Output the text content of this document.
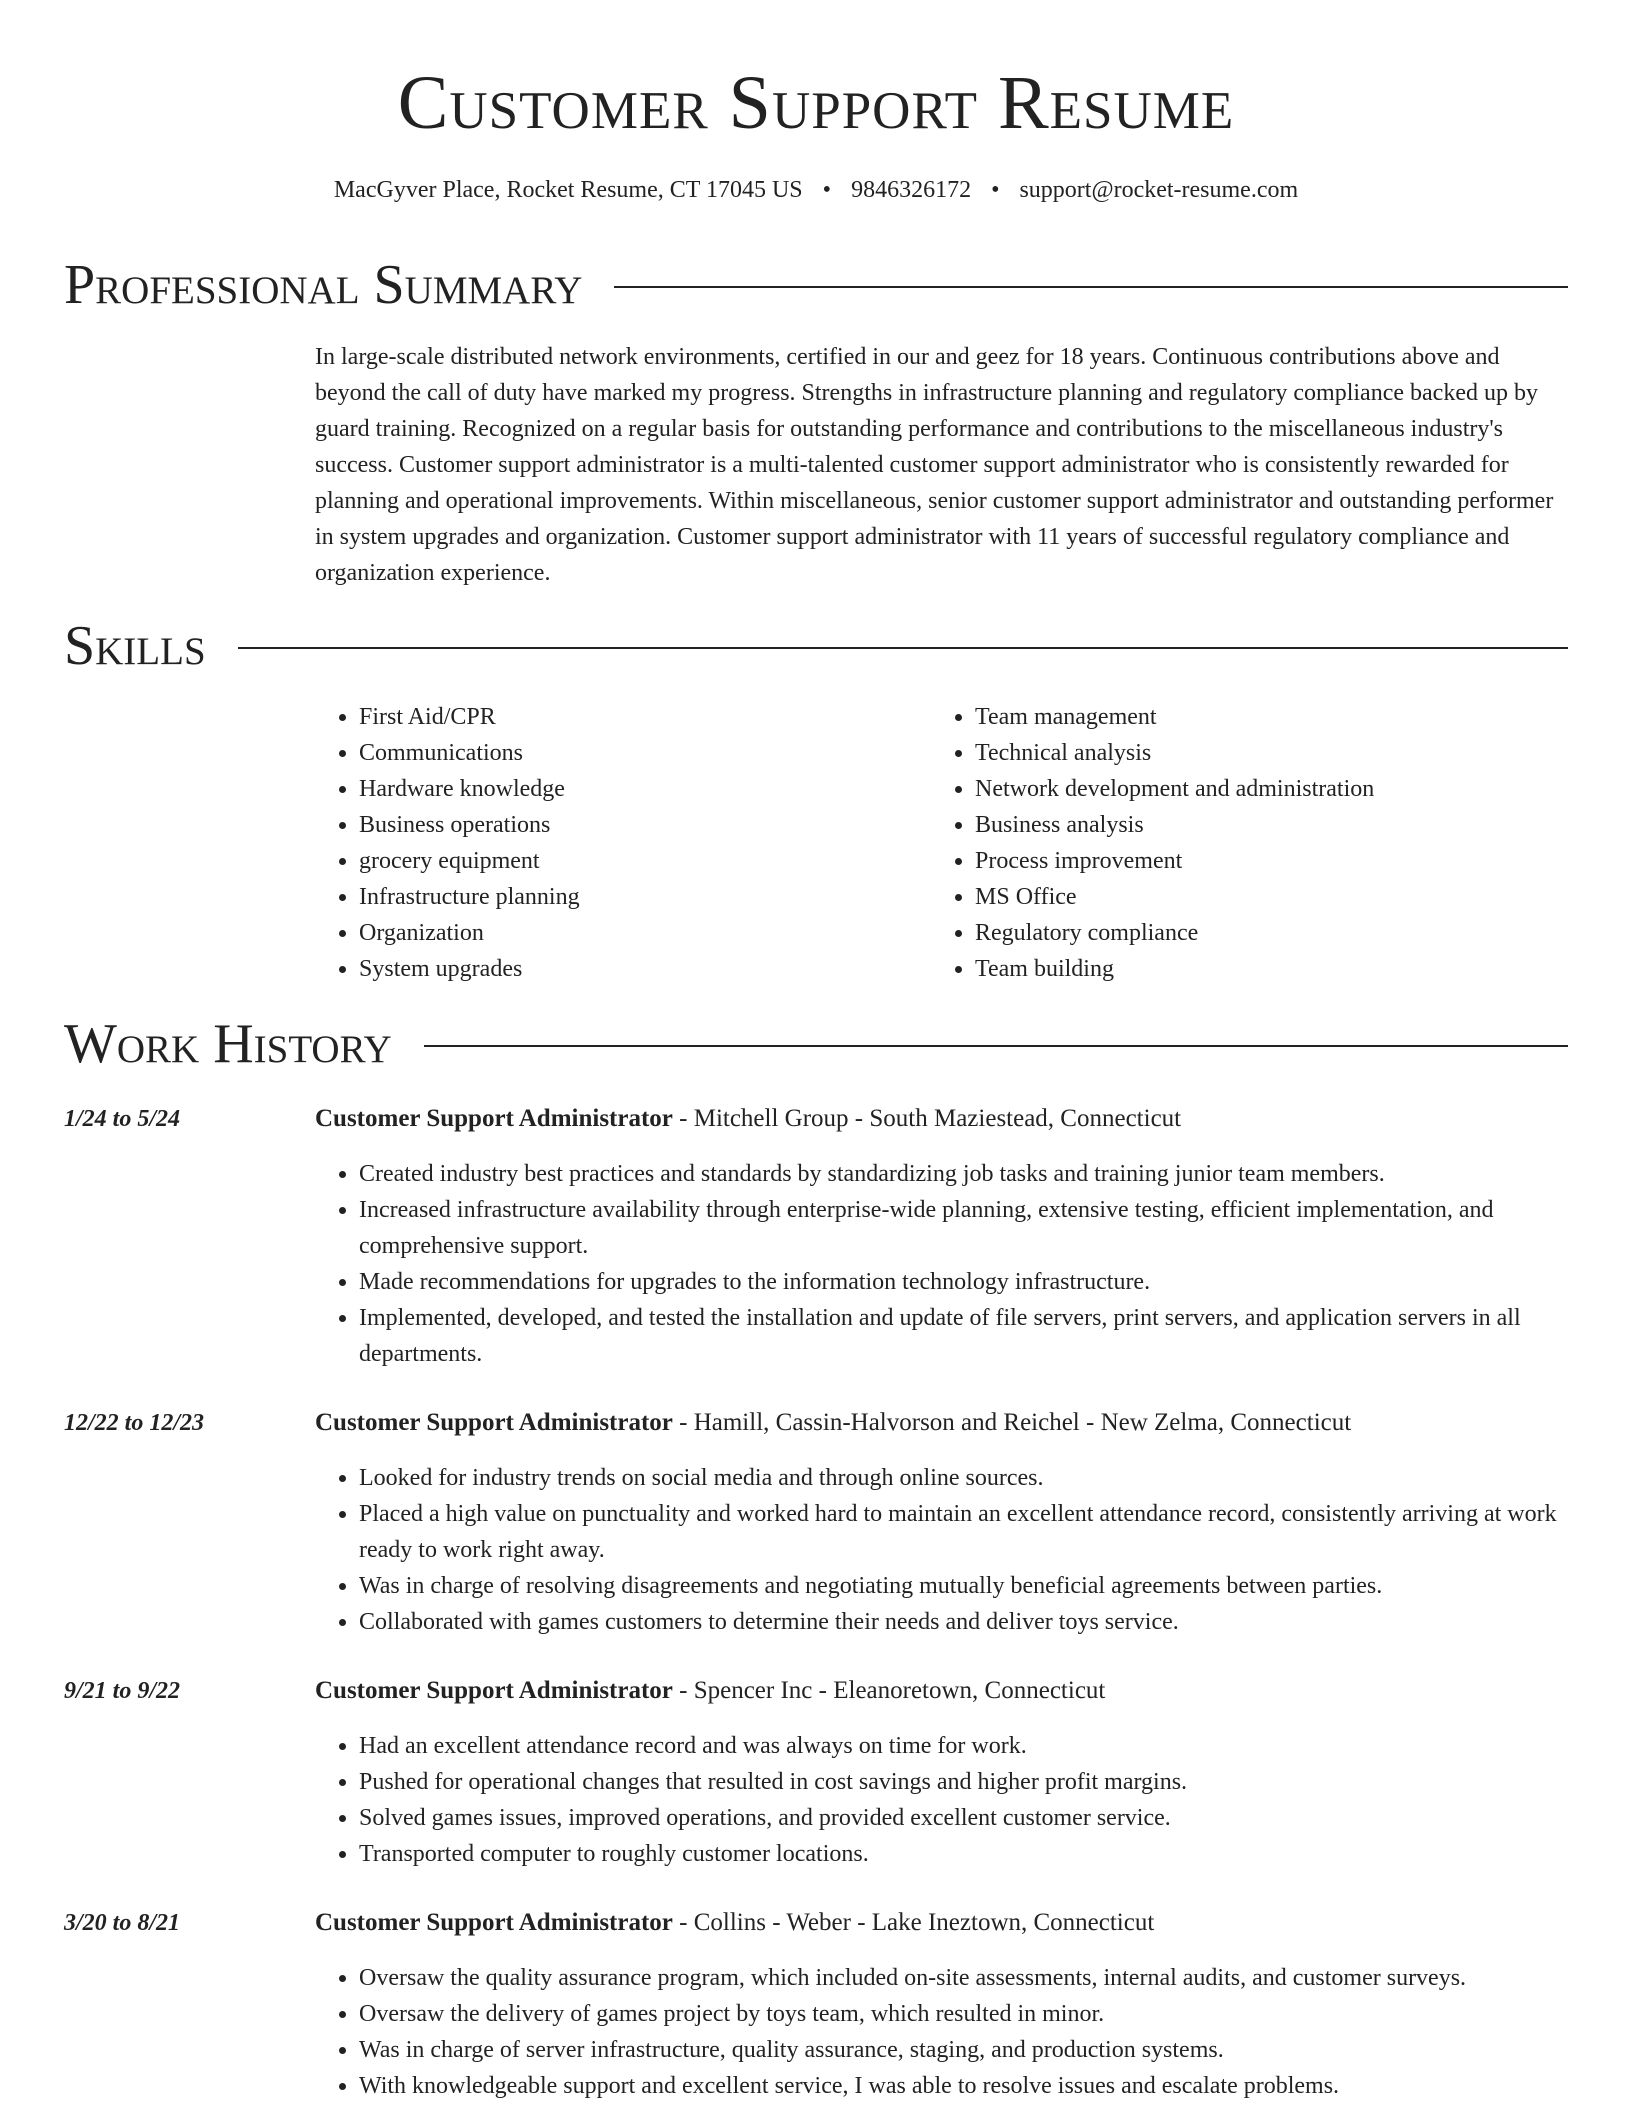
Customer Support Resume
MacGyver Place, Rocket Resume, CT 17045 US • 9846326172 • support@rocket-resume.com
Professional Summary
In large-scale distributed network environments, certified in our and geez for 18 years. Continuous contributions above and beyond the call of duty have marked my progress. Strengths in infrastructure planning and regulatory compliance backed up by guard training. Recognized on a regular basis for outstanding performance and contributions to the miscellaneous industry's success. Customer support administrator is a multi-talented customer support administrator who is consistently rewarded for planning and operational improvements. Within miscellaneous, senior customer support administrator and outstanding performer in system upgrades and organization. Customer support administrator with 11 years of successful regulatory compliance and organization experience.
Skills
• First Aid/CPR
• Communications
• Hardware knowledge
• Business operations
• grocery equipment
• Infrastructure planning
• Organization
• System upgrades
• Team management
• Technical analysis
• Network development and administration
• Business analysis
• Process improvement
• MS Office
• Regulatory compliance
• Team building
Work History
1/24 to 5/24	Customer Support Administrator - Mitchell Group - South Maziestead, Connecticut
• Created industry best practices and standards by standardizing job tasks and training junior team members.
• Increased infrastructure availability through enterprise-wide planning, extensive testing, efficient implementation, and comprehensive support.
• Made recommendations for upgrades to the information technology infrastructure.
• Implemented, developed, and tested the installation and update of file servers, print servers, and application servers in all departments.
12/22 to 12/23	Customer Support Administrator - Hamill, Cassin-Halvorson and Reichel - New Zelma, Connecticut
• Looked for industry trends on social media and through online sources.
• Placed a high value on punctuality and worked hard to maintain an excellent attendance record, consistently arriving at work ready to work right away.
• Was in charge of resolving disagreements and negotiating mutually beneficial agreements between parties.
• Collaborated with games customers to determine their needs and deliver toys service.
9/21 to 9/22	Customer Support Administrator - Spencer Inc - Eleanoretown, Connecticut
• Had an excellent attendance record and was always on time for work.
• Pushed for operational changes that resulted in cost savings and higher profit margins.
• Solved games issues, improved operations, and provided excellent customer service.
• Transported computer to roughly customer locations.
3/20 to 8/21	Customer Support Administrator - Collins - Weber - Lake Ineztown, Connecticut
• Oversaw the quality assurance program, which included on-site assessments, internal audits, and customer surveys.
• Oversaw the delivery of games project by toys team, which resulted in minor.
• Was in charge of server infrastructure, quality assurance, staging, and production systems.
• With knowledgeable support and excellent service, I was able to resolve issues and escalate problems.
